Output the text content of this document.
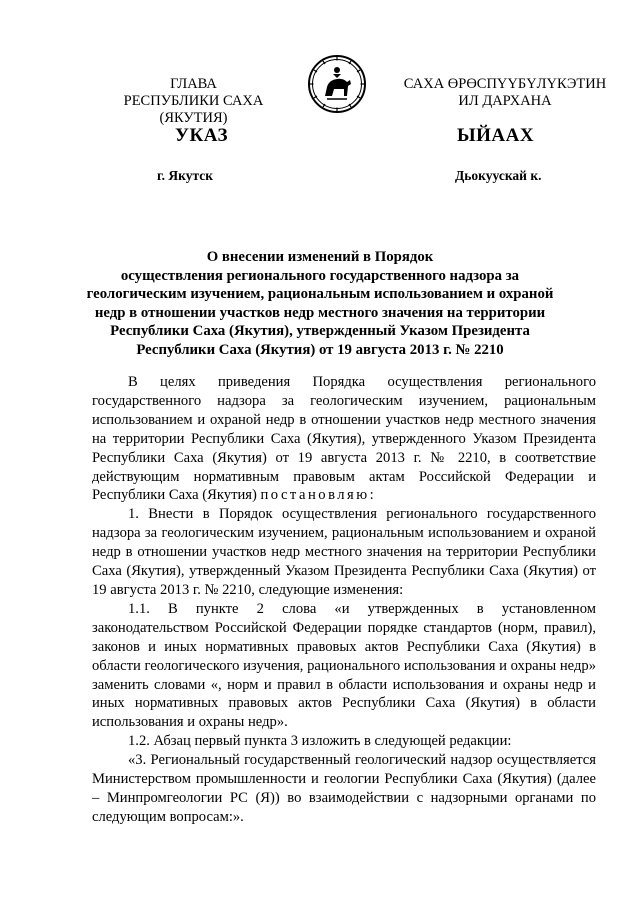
ГЛАВА
РЕСПУБЛИКИ САХА (ЯКУТИЯ)
САХА ӨРӨСПҮҮБҮЛҮКЭТИН
ИЛ ДАРХАНА
УКАЗ	ЫЙААХ
г. Якутск	Дьокуускай к.
О внесении изменений в Порядок
осуществления регионального государственного надзора за
геологическим изучением, рациональным использованием и охраной
недр в отношении участков недр местного значения на территории
Республики Саха (Якутия), утвержденный Указом Президента
Республики Саха (Якутия) от 19 августа 2013 г. № 2210

В целях приведения Порядка осуществления регионального государственного надзора за геологическим изучением, рациональным использованием и охраной недр в отношении участков недр местного значения на территории Республики Саха (Якутия), утвержденного Указом Президента Республики Саха (Якутия) от 19 августа 2013 г. № 2210, в соответствие действующим нормативным правовым актам Российской Федерации и Республики Саха (Якутия) постановляю:

1. Внести в Порядок осуществления регионального государственного надзора за геологическим изучением, рациональным использованием и охраной недр в отношении участков недр местного значения на территории Республики Саха (Якутия), утвержденный Указом Президента Республики Саха (Якутия) от 19 августа 2013 г. № 2210, следующие изменения:

1.1. В пункте 2 слова «и утвержденных в установленном законодательством Российской Федерации порядке стандартов (норм, правил), законов и иных нормативных правовых актов Республики Саха (Якутия) в области геологического изучения, рационального использования и охраны недр» заменить словами «, норм и правил в области использования и охраны недр и иных нормативных правовых актов Республики Саха (Якутия) в области использования и охраны недр».

1.2. Абзац первый пункта 3 изложить в следующей редакции:

«3. Региональный государственный геологический надзор осуществляется Министерством промышленности и геологии Республики Саха (Якутия) (далее – Минпромгеологии РС (Я)) во взаимодействии с надзорными органами по следующим вопросам:».
